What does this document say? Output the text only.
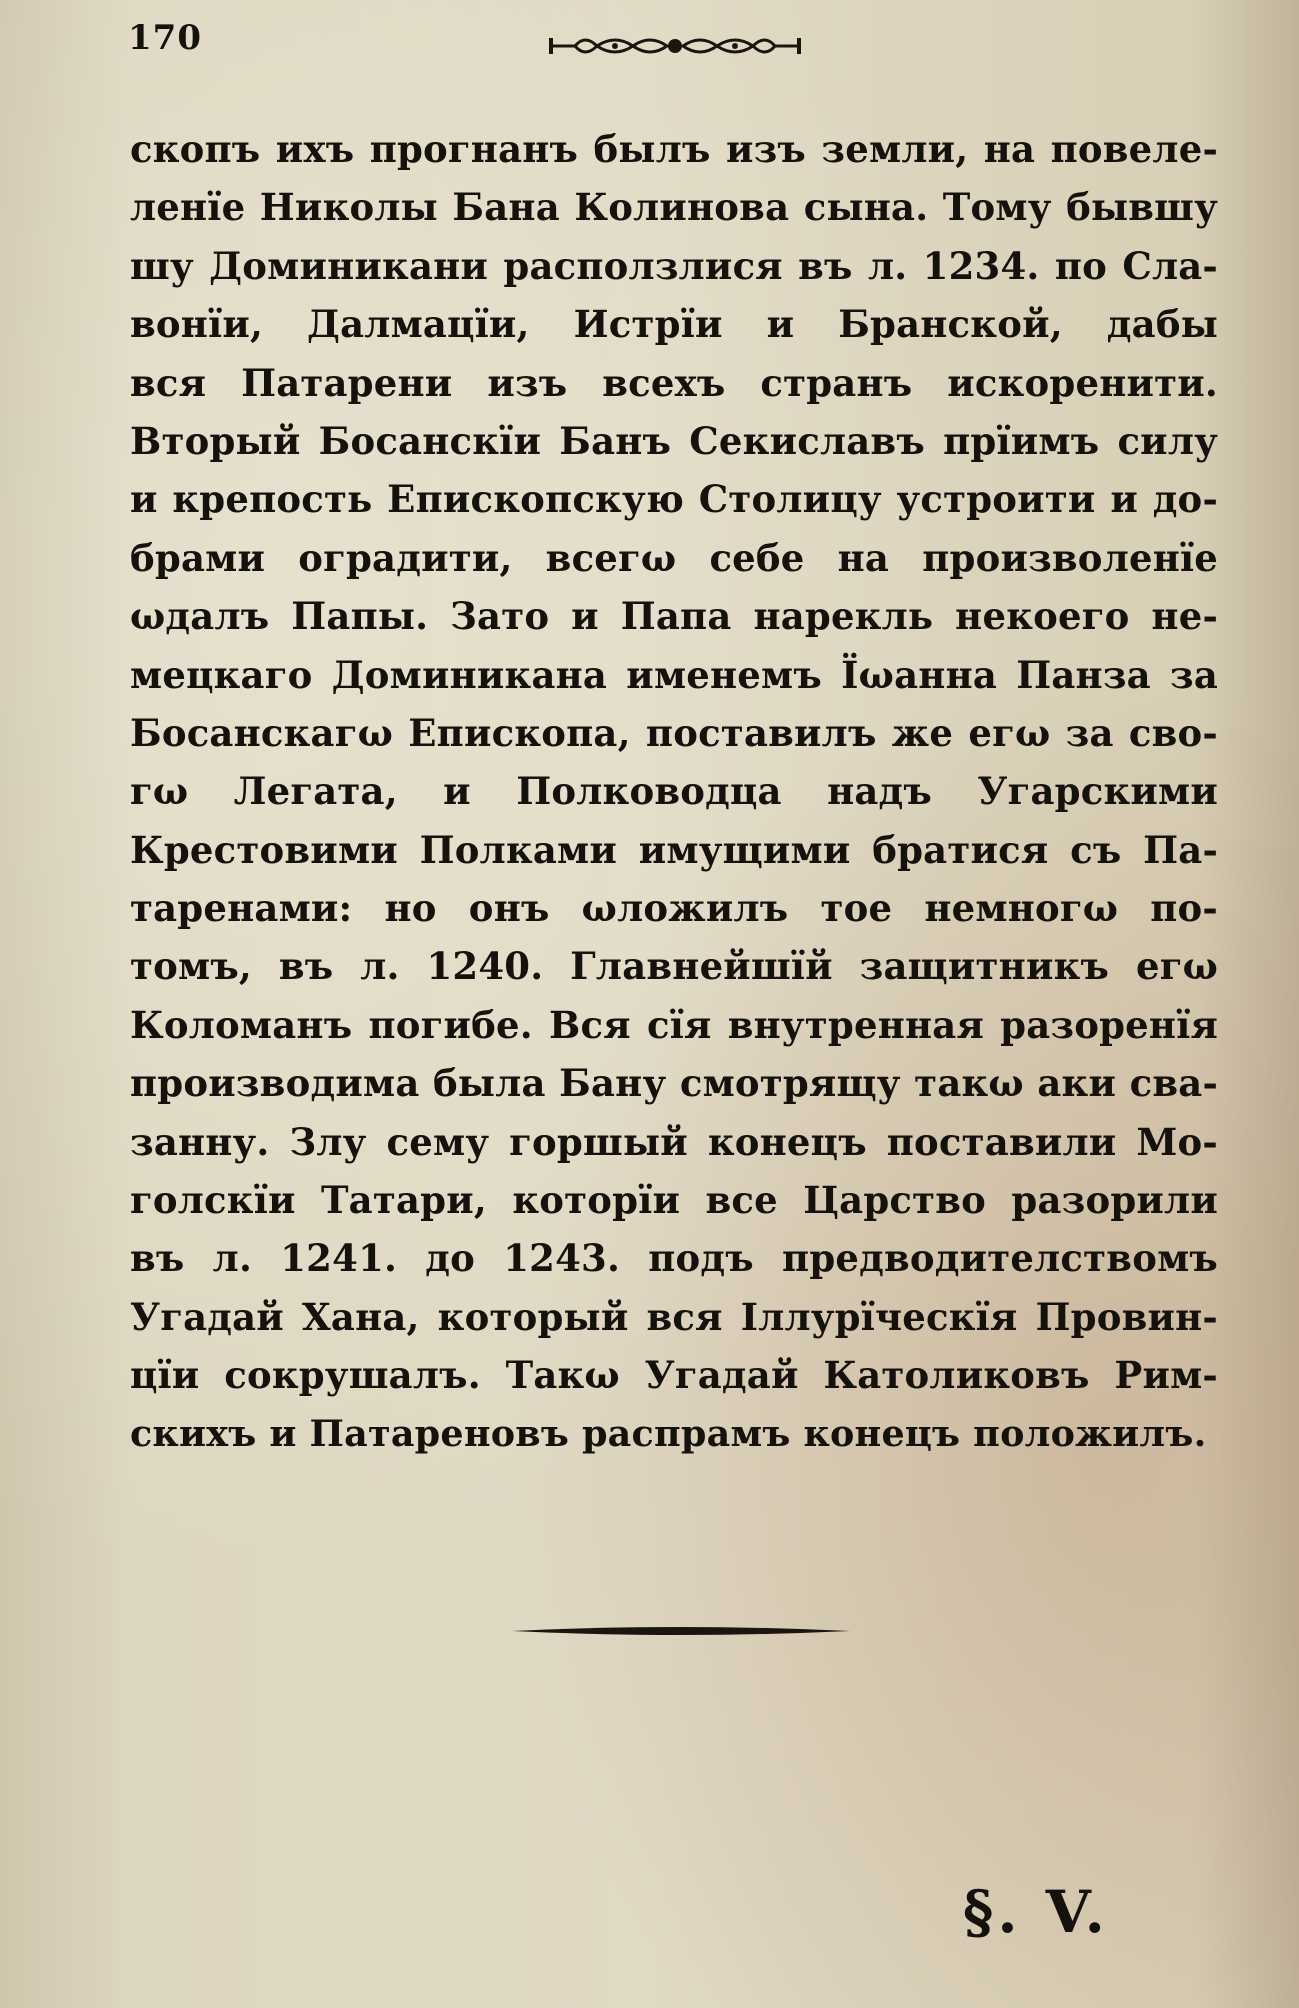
170
скопъ ихъ прогнанъ былъ изъ земли, на повеле-
ленїе Николы Бана Колинова сына. Тому бывшу
шу Доминикани расползлися въ л. 1234. по Сла-
вонїи, Далмацїи, Истрїи и Бранской, дабы
вся Патарени изъ всехъ странъ искоренити.
Вторый Босанскїи Банъ Секиславъ прїимъ силу
и крепость Епископскую Столицу устроити и до-
брами оградити, всегω себе на произволенїе
ωдалъ Папы. Зато и Папа нарекль некоего не-
мецкаго Доминикана именемъ Їωанна Панза за
Босанскагω Епископа, поставилъ же егω за сво-
гω Легата, и Полководца надъ Угарскими
Крестовими Полками имущими братися съ Па-
таренами: но онъ ωложилъ тое немногω по-
томъ, въ л. 1240. Главнейшїй защитникъ егω
Коломанъ погибе. Вся сїя внутренная разоренїя
производима была Бану смотрящу такω аки сва-
занну. Злу сему горшый конецъ поставили Мо-
голскїи Татари, которїи все Царство разорили
въ л. 1241. до 1243. подъ предводителствомъ
Угадай Хана, который вся Іллурїческїя Провин-
цїи сокрушалъ. Такω Угадай Католиковъ Рим-
скихъ и Патареновъ распрамъ конецъ положилъ.
§. V.
